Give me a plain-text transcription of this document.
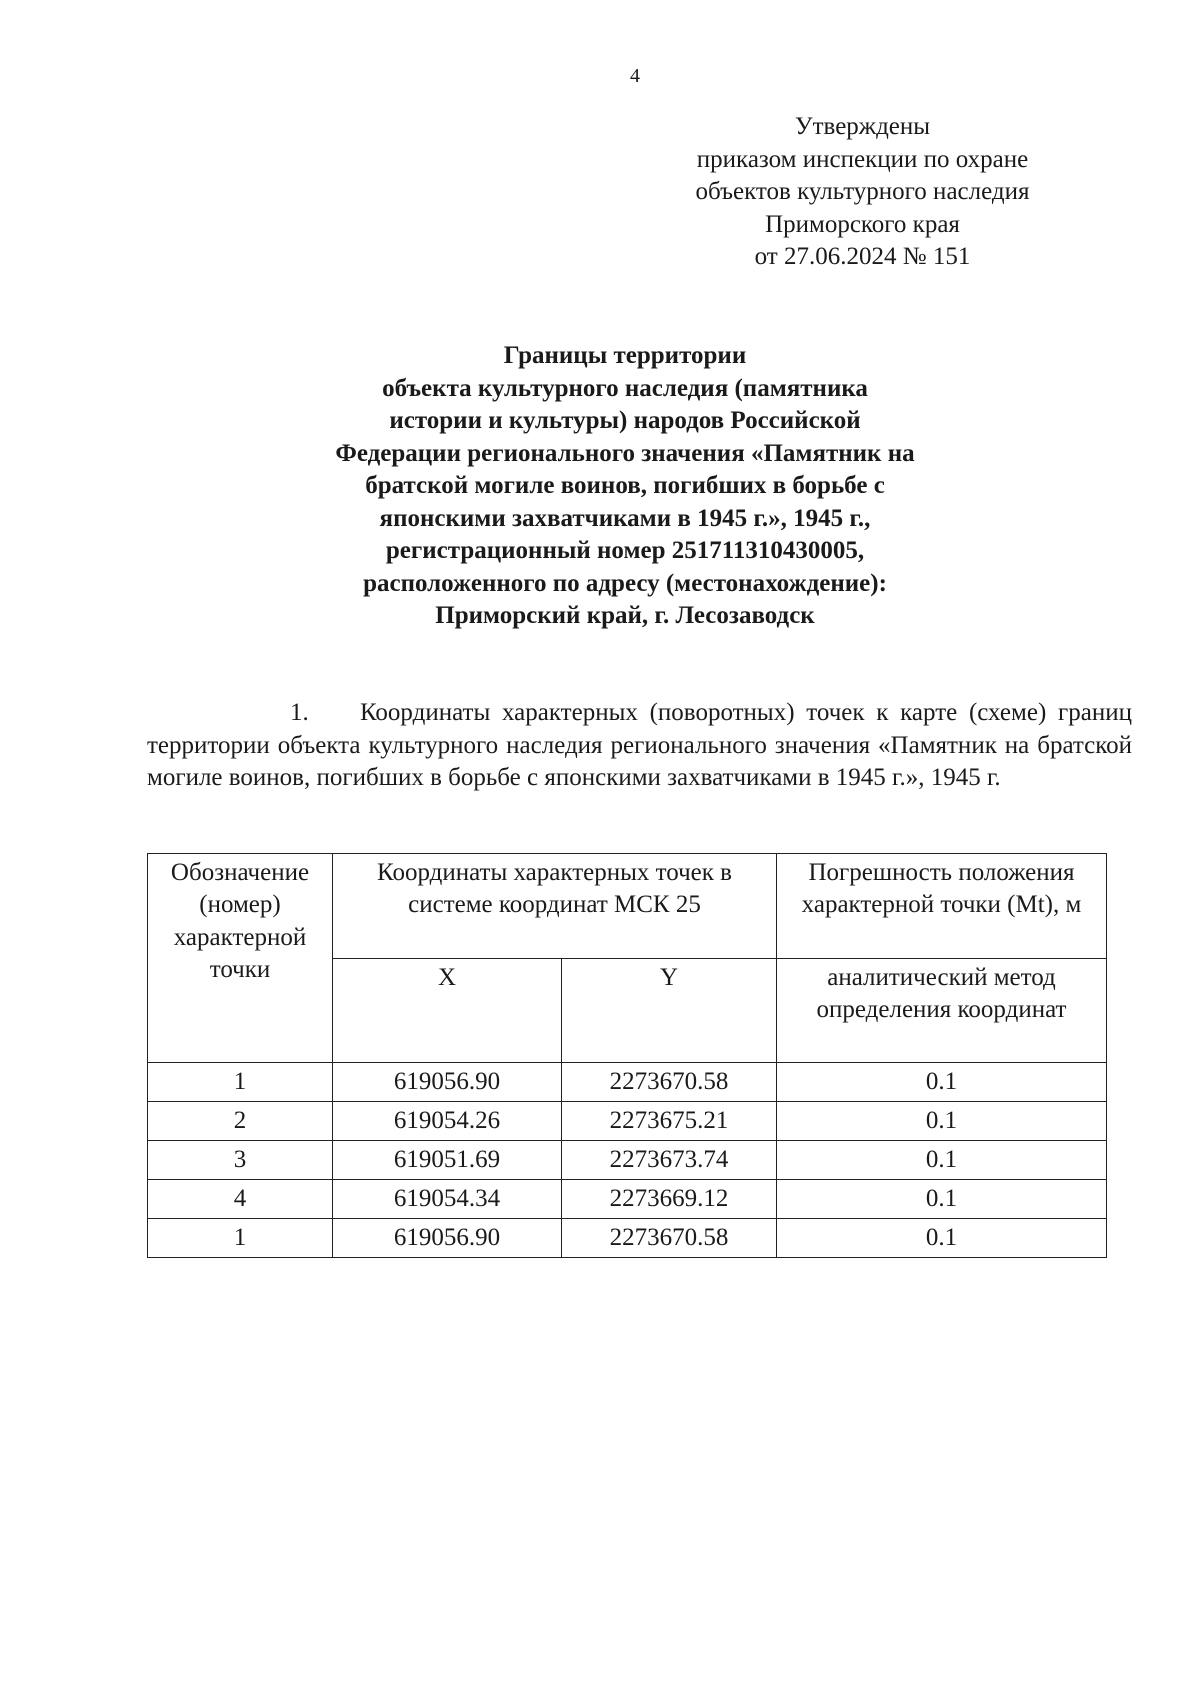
4
Утверждены
приказом инспекции по охране
объектов культурного наследия
Приморского края
от 27.06.2024 № 151
Границы территории
объекта культурного наследия (памятника
истории и культуры) народов Российской
Федерации регионального значения «Памятник на
братской могиле воинов, погибших в борьбе с
японскими захватчиками в 1945 г.», 1945 г.,
регистрационный номер 251711310430005,
расположенного по адресу (местонахождение):
Приморский край, г. Лесозаводск
1. Координаты характерных (поворотных) точек к карте (схеме) границ территории объекта культурного наследия регионального значения «Памятник на братской могиле воинов, погибших в борьбе с японскими захватчиками в 1945 г.», 1945 г.
Обозначение (номер) характерной точки	Координаты характерных точек в системе координат МСК 25		Погрешность положения характерной точки (Mt), м
	X	Y	аналитический метод определения координат
1	619056.90	2273670.58	0.1
2	619054.26	2273675.21	0.1
3	619051.69	2273673.74	0.1
4	619054.34	2273669.12	0.1
1	619056.90	2273670.58	0.1
